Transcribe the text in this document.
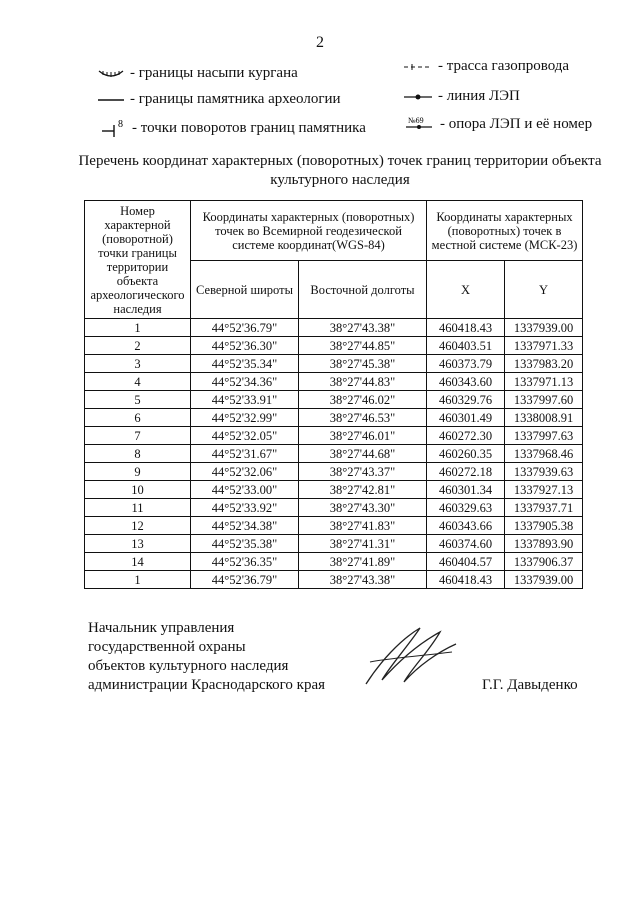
2
- границы насыпи кургана
- границы памятника археологии
8 - точки поворотов границ памятника
- трасса газопровода
- линия ЛЭП
№69 - опора ЛЭП и её номер
Перечень координат характерных (поворотных) точек границ территории объекта культурного наследия
Номер характерной (поворотной) точки границы территории объекта археологического наследия	Координаты характерных (поворотных) точек во Всемирной геодезической системе координат(WGS-84)		Координаты характерных (поворотных) точек в местной системе (МСК-23)	
	Северной широты	Восточной долготы	X	Y
1	44°52'36.79"	38°27'43.38"	460418.43	1337939.00
2	44°52'36.30"	38°27'44.85"	460403.51	1337971.33
3	44°52'35.34"	38°27'45.38"	460373.79	1337983.20
4	44°52'34.36"	38°27'44.83"	460343.60	1337971.13
5	44°52'33.91"	38°27'46.02"	460329.76	1337997.60
6	44°52'32.99"	38°27'46.53"	460301.49	1338008.91
7	44°52'32.05"	38°27'46.01"	460272.30	1337997.63
8	44°52'31.67"	38°27'44.68"	460260.35	1337968.46
9	44°52'32.06"	38°27'43.37"	460272.18	1337939.63
10	44°52'33.00"	38°27'42.81"	460301.34	1337927.13
11	44°52'33.92"	38°27'43.30"	460329.63	1337937.71
12	44°52'34.38"	38°27'41.83"	460343.66	1337905.38
13	44°52'35.38"	38°27'41.31"	460374.60	1337893.90
14	44°52'36.35"	38°27'41.89"	460404.57	1337906.37
1	44°52'36.79"	38°27'43.38"	460418.43	1337939.00
Начальник управления
государственной охраны
объектов культурного наследия
администрации Краснодарского края	Г.Г. Давыденко
